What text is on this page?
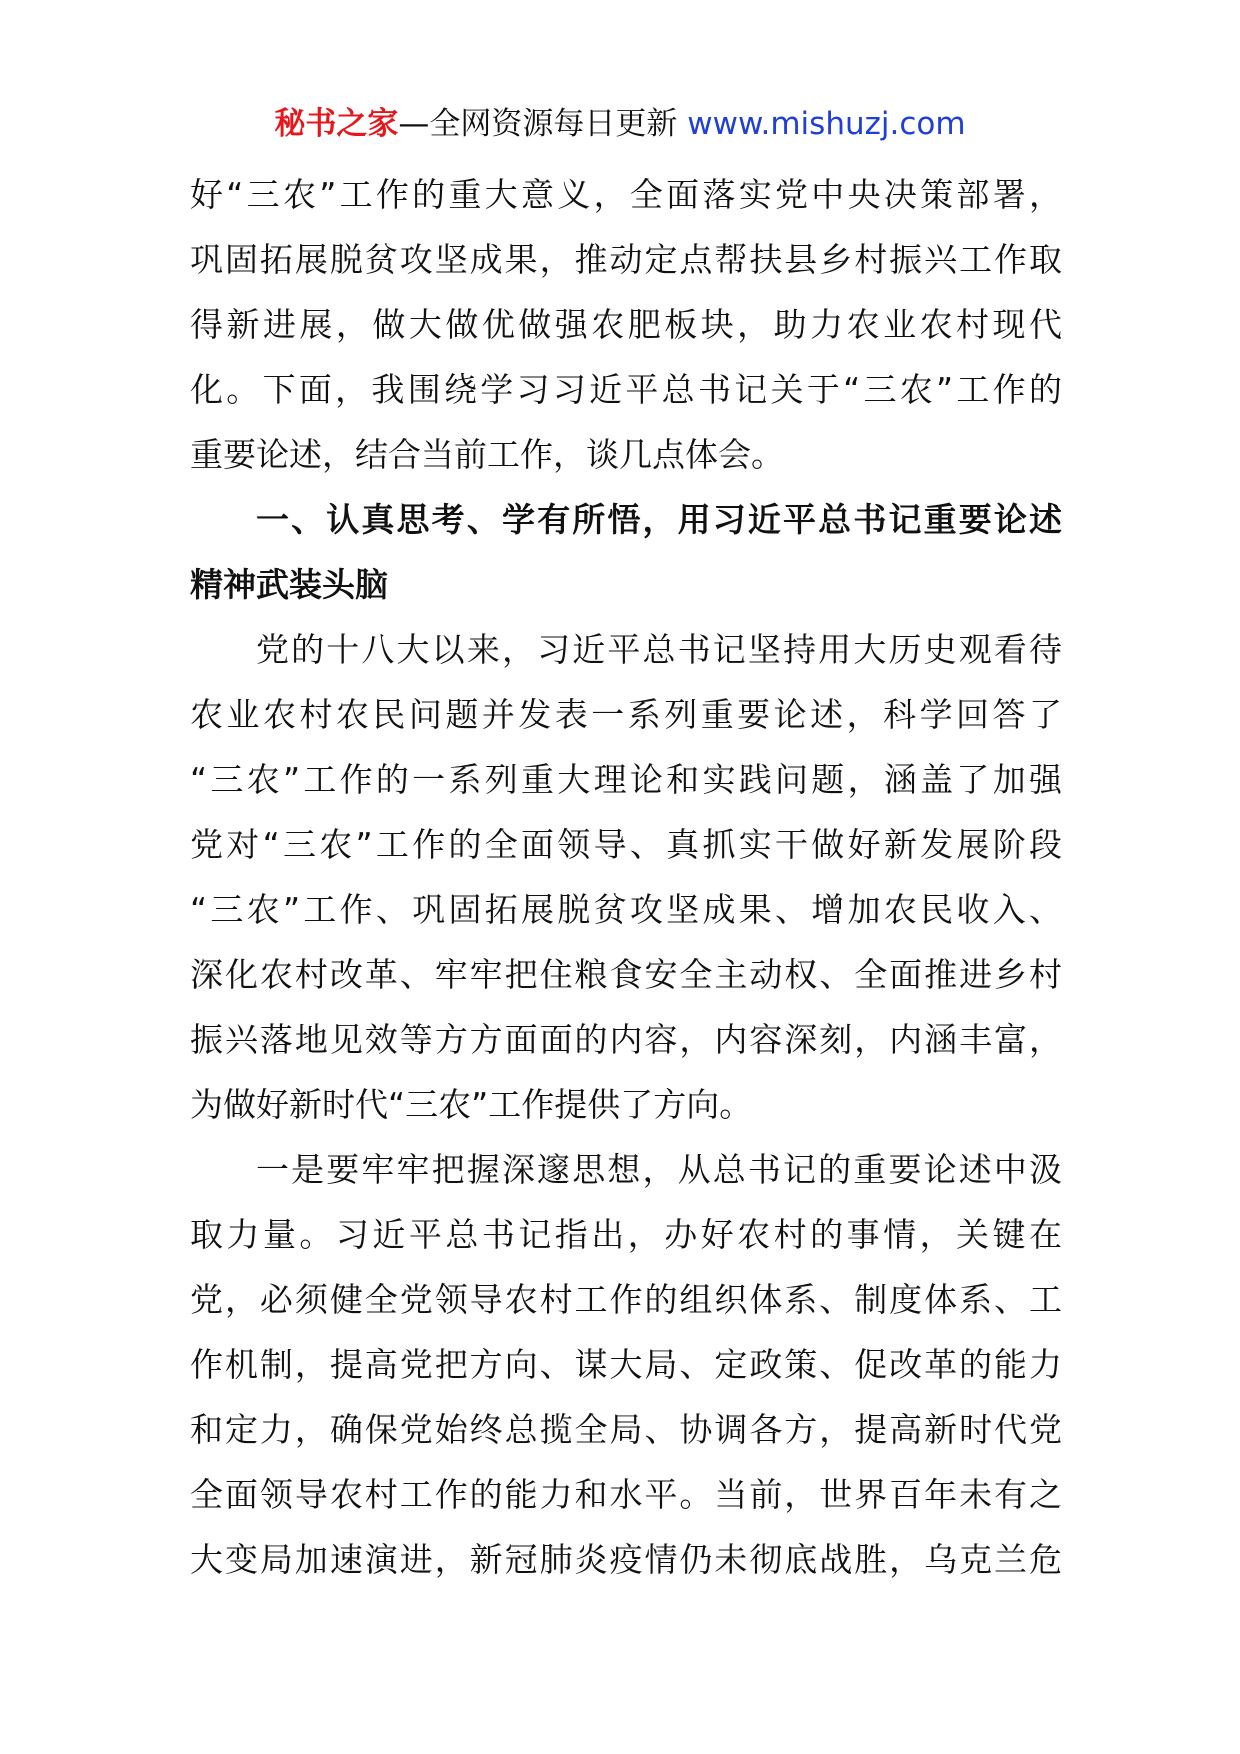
秘书之家—全网资源每日更新 www.mishuzj.com
好“三农”工作的重大意义，全面落实党中央决策部署，
巩固拓展脱贫攻坚成果，推动定点帮扶县乡村振兴工作取
得新进展，做大做优做强农肥板块，助力农业农村现代
化。下面，我围绕学习习近平总书记关于“三农”工作的
重要论述，结合当前工作，谈几点体会。
一、认真思考、学有所悟，用习近平总书记重要论述
精神武装头脑
党的十八大以来，习近平总书记坚持用大历史观看待
农业农村农民问题并发表一系列重要论述，科学回答了
“三农”工作的一系列重大理论和实践问题，涵盖了加强
党对“三农”工作的全面领导、真抓实干做好新发展阶段
“三农”工作、巩固拓展脱贫攻坚成果、增加农民收入、
深化农村改革、牢牢把住粮食安全主动权、全面推进乡村
振兴落地见效等方方面面的内容，内容深刻，内涵丰富，
为做好新时代“三农”工作提供了方向。
一是要牢牢把握深邃思想，从总书记的重要论述中汲
取力量。习近平总书记指出，办好农村的事情，关键在
党，必须健全党领导农村工作的组织体系、制度体系、工
作机制，提高党把方向、谋大局、定政策、促改革的能力
和定力，确保党始终总揽全局、协调各方，提高新时代党
全面领导农村工作的能力和水平。当前，世界百年未有之
大变局加速演进，新冠肺炎疫情仍未彻底战胜，乌克兰危
